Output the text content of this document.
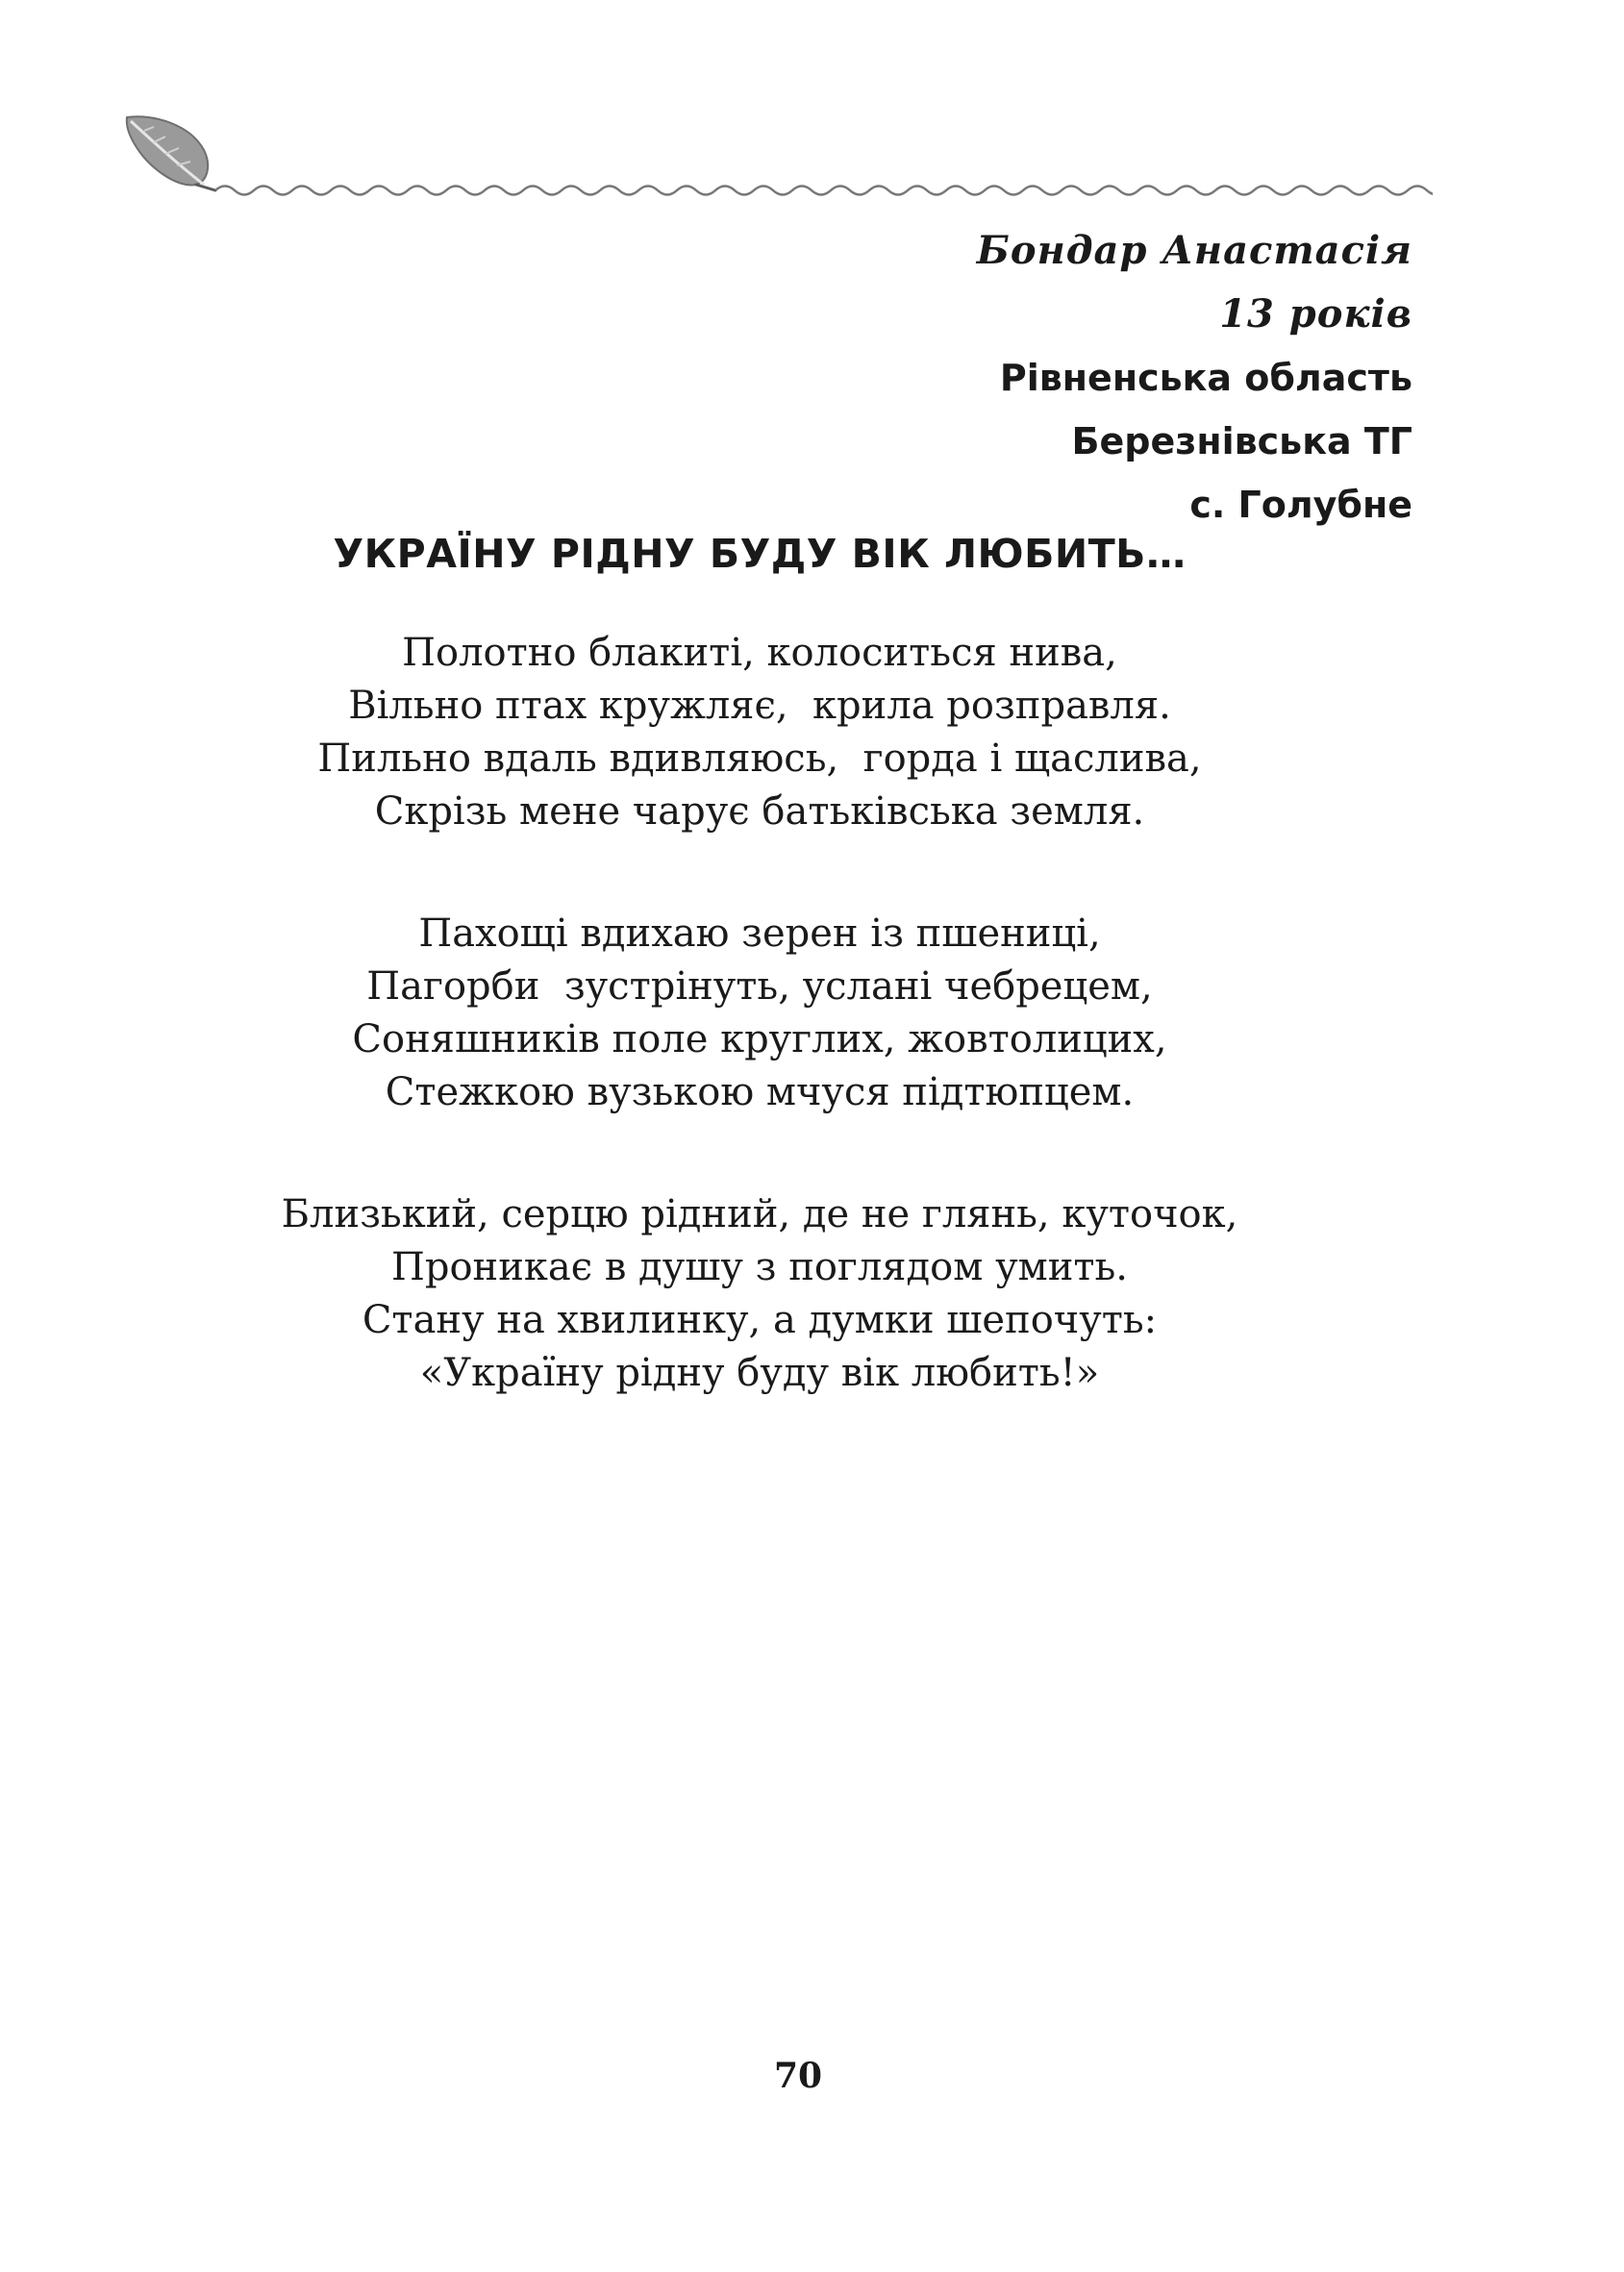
Бондар Анастасія
13 років
Рівненська область
Березнівська ТГ
с. Голубне
УКРАЇНУ РІДНУ БУДУ ВІК ЛЮБИТЬ…
Полотно блакиті, колоситься нива,
Вільно птах кружляє,  крила розправля.
Пильно вдаль вдивляюсь,  горда і щаслива,
Скрізь мене чарує батьківська земля.
Пахощі вдихаю зерен із пшениці,
Пагорби  зустрінуть, услані чебрецем,
Соняшників поле круглих, жовтолицих,
Стежкою вузькою мчуся підтюпцем.
Близький, серцю рідний, де не глянь, куточок,
Проникає в душу з поглядом умить.
Стану на хвилинку, а думки шепочуть:
«Україну рідну буду вік любить!»
70
